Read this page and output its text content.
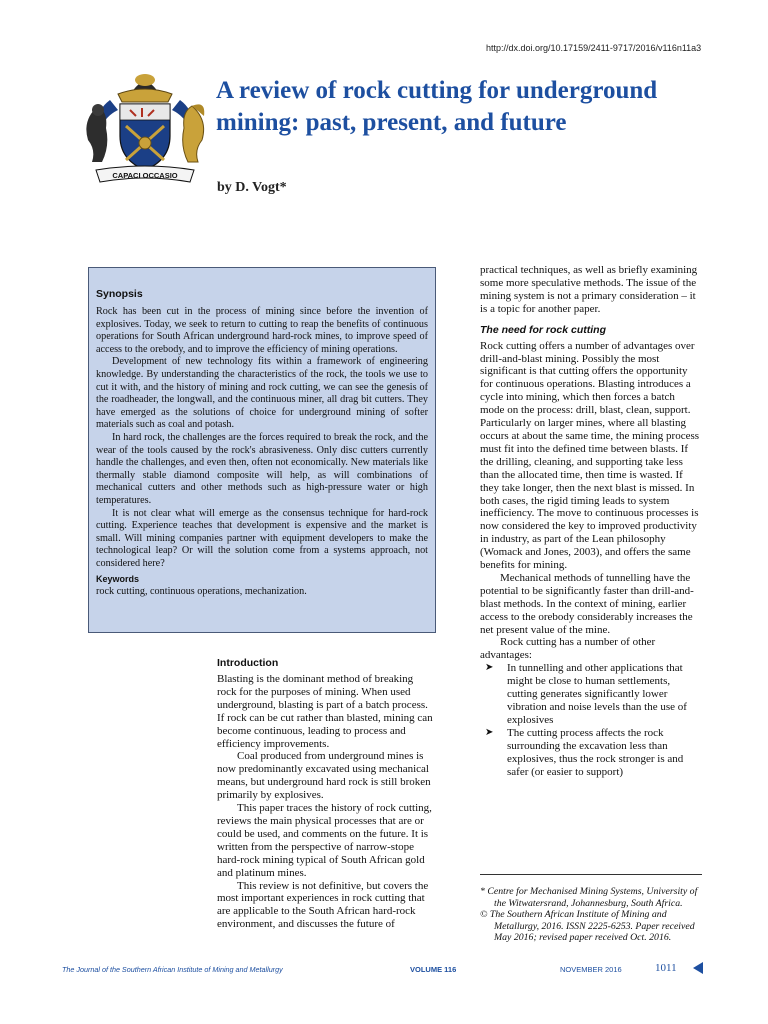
http://dx.doi.org/10.17159/2411-9717/2016/v116n11a3
CAPACI OCCASIO
A review of rock cutting for underground mining: past, present, and future
by D. Vogt*
Synopsis

Rock has been cut in the process of mining since before the invention of explosives. Today, we seek to return to cutting to reap the benefits of continuous operations for South African underground hard-rock mines, to improve speed of access to the orebody, and to improve the efficiency of mining operations.

Development of new technology fits within a framework of engineering knowledge. By understanding the characteristics of the rock, the tools we use to cut it with, and the history of mining and rock cutting, we can see the genesis of the roadheader, the longwall, and the continuous miner, all drag bit cutters. They have emerged as the solutions of choice for underground mining of softer materials such as coal and potash.

In hard rock, the challenges are the forces required to break the rock, and the wear of the tools caused by the rock's abrasiveness. Only disc cutters currently handle the challenges, and even then, often not economically. New materials like thermally stable diamond composite will help, as will combinations of mechanical cutters and other methods such as high-pressure water or high temperatures.

It is not clear what will emerge as the consensus technique for hard-rock cutting. Experience teaches that development is expensive and the market is small. Will mining companies partner with equipment developers to make the technological leap? Or will the solution come from a systems approach, not considered here?

Keywords

rock cutting, continuous operations, mechanization.

Introduction

Blasting is the dominant method of breaking rock for the purposes of mining. When used underground, blasting is part of a batch process. If rock can be cut rather than blasted, mining can become continuous, leading to process and efficiency improvements.

Coal produced from underground mines is now predominantly excavated using mechanical means, but underground hard rock is still broken primarily by explosives.

This paper traces the history of rock cutting, reviews the main physical processes that are or could be used, and comments on the future. It is written from the perspective of narrow-stope hard-rock mining typical of South African gold and platinum mines.

This review is not definitive, but covers the most important experiences in rock cutting that are applicable to the South African hard-rock environment, and discusses the future of

practical techniques, as well as briefly examining some more speculative methods. The issue of the mining system is not a primary consideration – it is a topic for another paper.

The need for rock cutting

Rock cutting offers a number of advantages over drill-and-blast mining. Possibly the most significant is that cutting offers the opportunity for continuous operations. Blasting introduces a cycle into mining, which then forces a batch mode on the process: drill, blast, clean, support. Particularly on larger mines, where all blasting occurs at about the same time, the mining process must fit into the defined time between blasts. If the drilling, cleaning, and supporting take less than the allocated time, then time is wasted. If they take longer, then the next blast is missed. In both cases, the rigid timing leads to system inefficiency. The move to continuous processes is now considered the key to improved productivity in industry, as part of the Lean philosophy (Womack and Jones, 2003), and offers the same benefits for mining.

Mechanical methods of tunnelling have the potential to be significantly faster than drill-and-blast methods. In the context of mining, earlier access to the orebody considerably increases the net present value of the mine.

Rock cutting has a number of other advantages:

➤ In tunnelling and other applications that might be close to human settlements, cutting generates significantly lower vibration and noise levels than the use of explosives
➤ The cutting process affects the rock surrounding the excavation less than explosives, thus the rock stronger is and safer (or easier to support)

* Centre for Mechanised Mining Systems, University of the Witwatersrand, Johannesburg, South Africa.

© The Southern African Institute of Mining and Metallurgy, 2016. ISSN 2225-6253. Paper received May 2016; revised paper received Oct. 2016.

The Journal of the Southern African Institute of Mining and Metallurgy	VOLUME 116	NOVEMBER 2016	1011
